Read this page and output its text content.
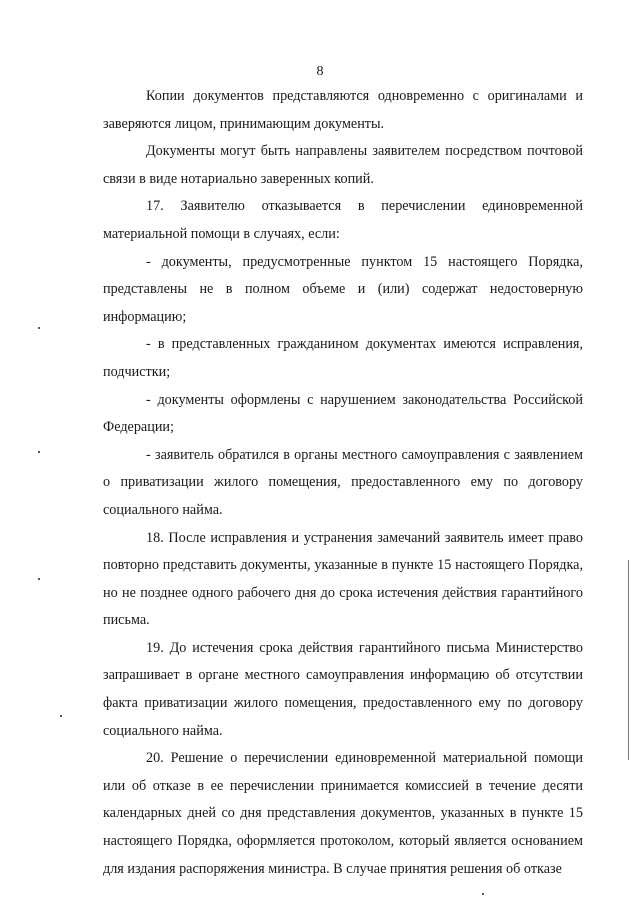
8

Копии документов представляются одновременно с оригиналами и заверяются лицом, принимающим документы.

Документы могут быть направлены заявителем посредством почтовой связи в виде нотариально заверенных копий.

17. Заявителю отказывается в перечислении единовременной материальной помощи в случаях, если:

- документы, предусмотренные пунктом 15 настоящего Порядка, представлены не в полном объеме и (или) содержат недостоверную информацию;

- в представленных гражданином документах имеются исправления, подчистки;

- документы оформлены с нарушением законодательства Российской Федерации;

- заявитель обратился в органы местного самоуправления с заявлением о приватизации жилого помещения, предоставленного ему по договору социального найма.

18. После исправления и устранения замечаний заявитель имеет право повторно представить документы, указанные в пункте 15 настоящего Порядка, но не позднее одного рабочего дня до срока истечения действия гарантийного письма.

19. До истечения срока действия гарантийного письма Министерство запрашивает в органе местного самоуправления информацию об отсутствии факта приватизации жилого помещения, предоставленного ему по договору социального найма.

20. Решение о перечислении единовременной материальной помощи или об отказе в ее перечислении принимается комиссией в течение десяти календарных дней со дня представления документов, указанных в пункте 15 настоящего Порядка, оформляется протоколом, который является основанием для издания распоряжения министра. В случае принятия решения об отказе
